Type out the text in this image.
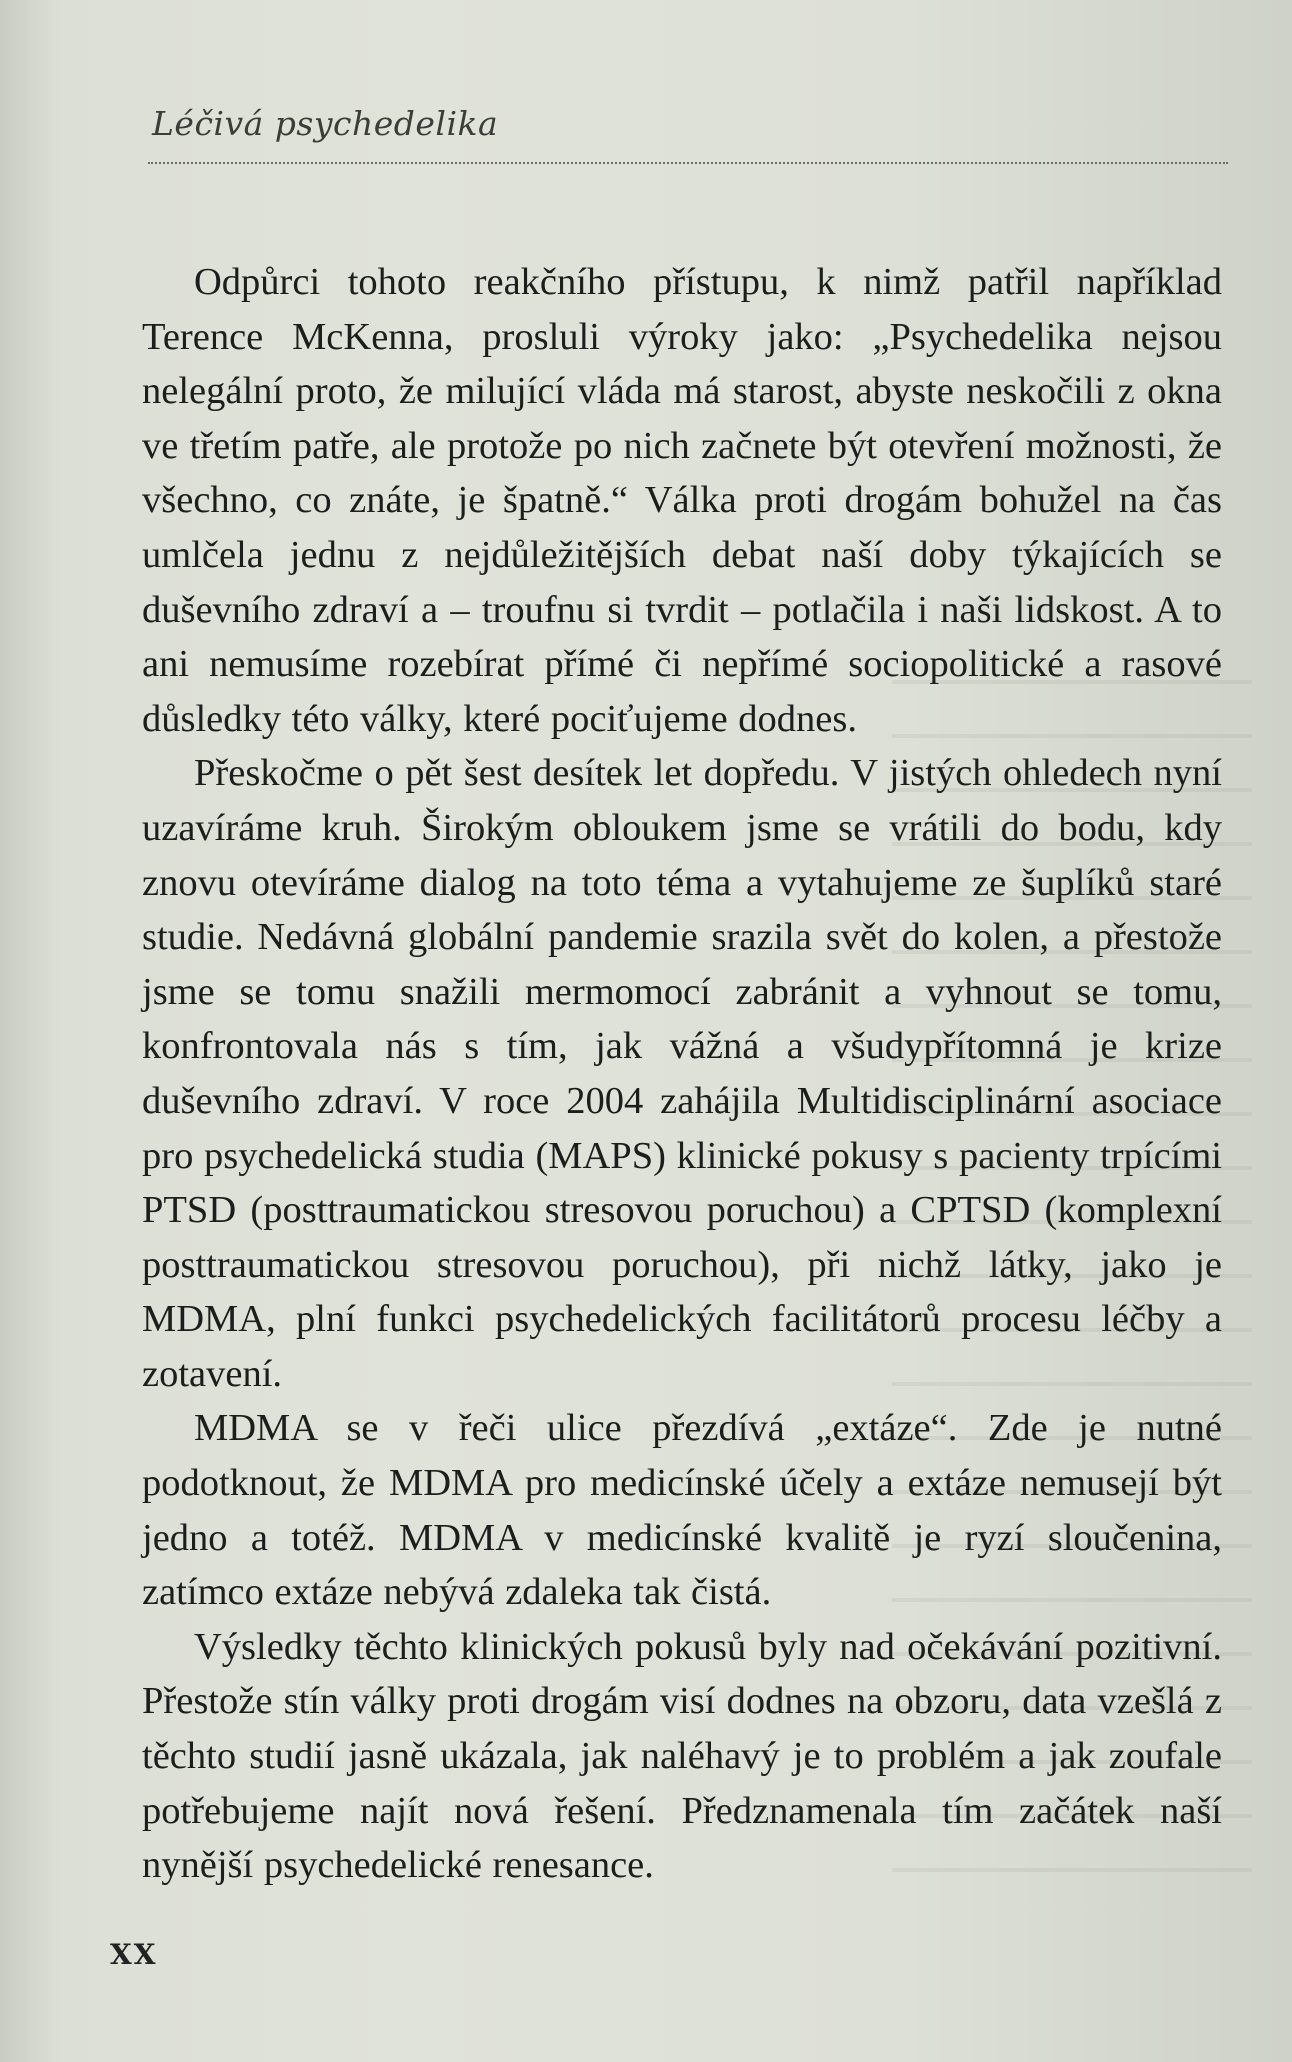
Léčivá psychedelika

Odpůrci tohoto reakčního přístupu, k nimž patřil například Terence McKenna, prosluli výroky jako: „Psychedelika nejsou nelegální proto, že milující vláda má starost, abyste neskočili z okna ve třetím patře, ale protože po nich začnete být otevření možnosti, že všechno, co znáte, je špatně.“ Válka proti drogám bohužel na čas umlčela jednu z nejdůležitějších debat naší doby týkajících se duševního zdraví a – troufnu si tvrdit – potlačila i naši lidskost. A to ani nemusíme rozebírat přímé či nepřímé sociopolitické a rasové důsledky této války, které pociťujeme dodnes.

Přeskočme o pět šest desítek let dopředu. V jistých ohledech nyní uzavíráme kruh. Širokým obloukem jsme se vrátili do bodu, kdy znovu otevíráme dialog na toto téma a vytahujeme ze šuplíků staré studie. Nedávná globální pandemie srazila svět do kolen, a přestože jsme se tomu snažili mermomocí zabránit a vyhnout se tomu, konfrontovala nás s tím, jak vážná a všudypřítomná je krize duševního zdraví. V roce 2004 zahájila Multidisciplinární asociace pro psychedelická studia (MAPS) klinické pokusy s pacienty trpícími PTSD (posttraumatickou stresovou poruchou) a CPTSD (komplexní posttraumatickou stresovou poruchou), při nichž látky, jako je MDMA, plní funkci psychedelických facilitátorů procesu léčby a zotavení.

MDMA se v řeči ulice přezdívá „extáze“. Zde je nutné podotknout, že MDMA pro medicínské účely a extáze nemusejí být jedno a totéž. MDMA v medicínské kvalitě je ryzí sloučenina, zatímco extáze nebývá zdaleka tak čistá.

Výsledky těchto klinických pokusů byly nad očekávání pozitivní. Přestože stín války proti drogám visí dodnes na obzoru, data vzešlá z těchto studií jasně ukázala, jak naléhavý je to problém a jak zoufale potřebujeme najít nová řešení. Předznamenala tím začátek naší nynější psychedelické renesance.

XX
